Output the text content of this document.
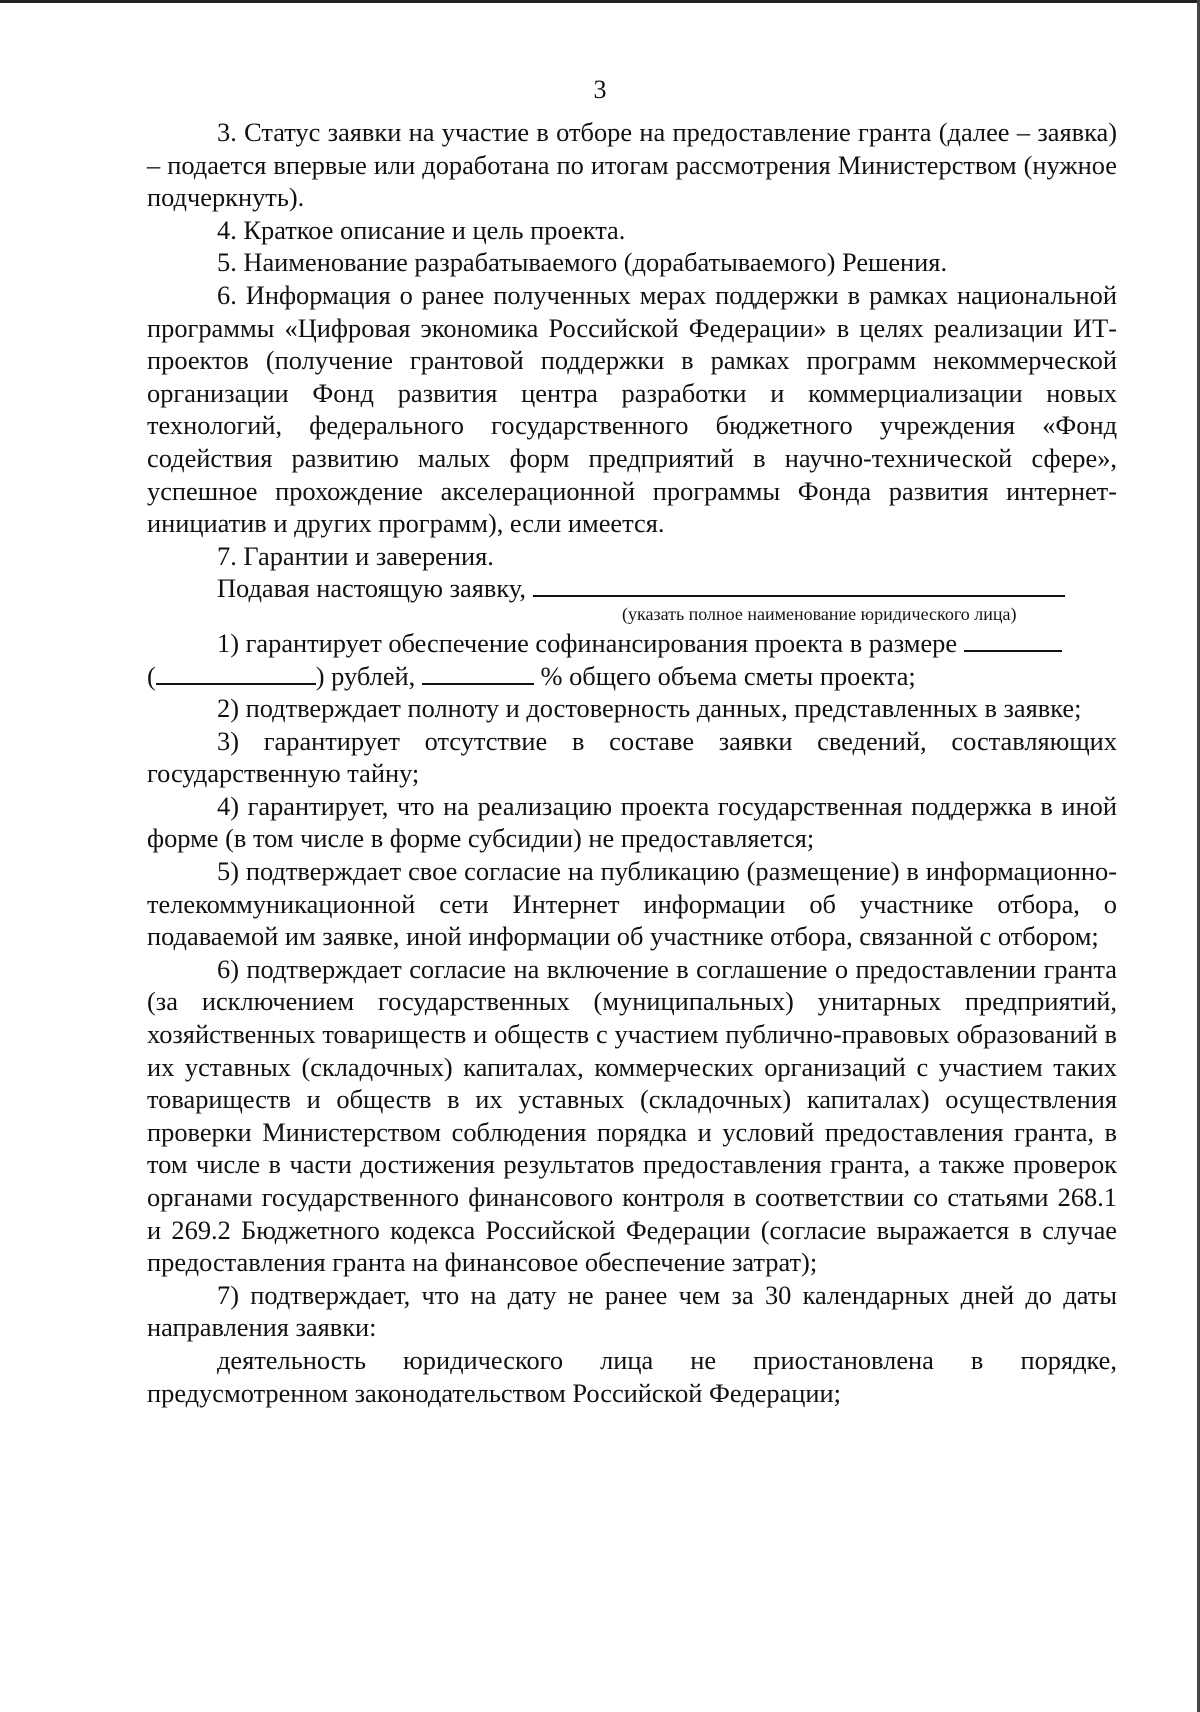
3

3. Статус заявки на участие в отборе на предоставление гранта (далее – заявка) – подается впервые или доработана по итогам рассмотрения Министерством (нужное подчеркнуть).

4. Краткое описание и цель проекта.

5. Наименование разрабатываемого (дорабатываемого) Решения.

6. Информация о ранее полученных мерах поддержки в рамках национальной программы «Цифровая экономика Российской Федерации» в целях реализации ИТ-проектов (получение грантовой поддержки в рамках программ некоммерческой организации Фонд развития центра разработки и коммерциализации новых технологий, федерального государственного бюджетного учреждения «Фонд содействия развитию малых форм предприятий в научно-технической сфере», успешное прохождение акселерационной программы Фонда развития интернет-инициатив и других программ), если имеется.

7. Гарантии и заверения.

Подавая настоящую заявку,

(указать полное наименование юридического лица)

1) гарантирует обеспечение софинансирования проекта в размере

(	) рублей,	% общего объема сметы проекта;

2) подтверждает полноту и достоверность данных, представленных в заявке;

3) гарантирует отсутствие в составе заявки сведений, составляющих государственную тайну;

4) гарантирует, что на реализацию проекта государственная поддержка в иной форме (в том числе в форме субсидии) не предоставляется;

5) подтверждает свое согласие на публикацию (размещение) в информационно-телекоммуникационной сети Интернет информации об участнике отбора, о подаваемой им заявке, иной информации об участнике отбора, связанной с отбором;

6) подтверждает согласие на включение в соглашение о предоставлении гранта (за исключением государственных (муниципальных) унитарных предприятий, хозяйственных товариществ и обществ с участием публично-правовых образований в их уставных (складочных) капиталах, коммерческих организаций с участием таких товариществ и обществ в их уставных (складочных) капиталах) осуществления проверки Министерством соблюдения порядка и условий предоставления гранта, в том числе в части достижения результатов предоставления гранта, а также проверок органами государственного финансового контроля в соответствии со статьями 268.1 и 269.2 Бюджетного кодекса Российской Федерации (согласие выражается в случае предоставления гранта на финансовое обеспечение затрат);

7) подтверждает, что на дату не ранее чем за 30 календарных дней до даты направления заявки:

деятельность юридического лица не приостановлена в порядке, предусмотренном законодательством Российской Федерации;
